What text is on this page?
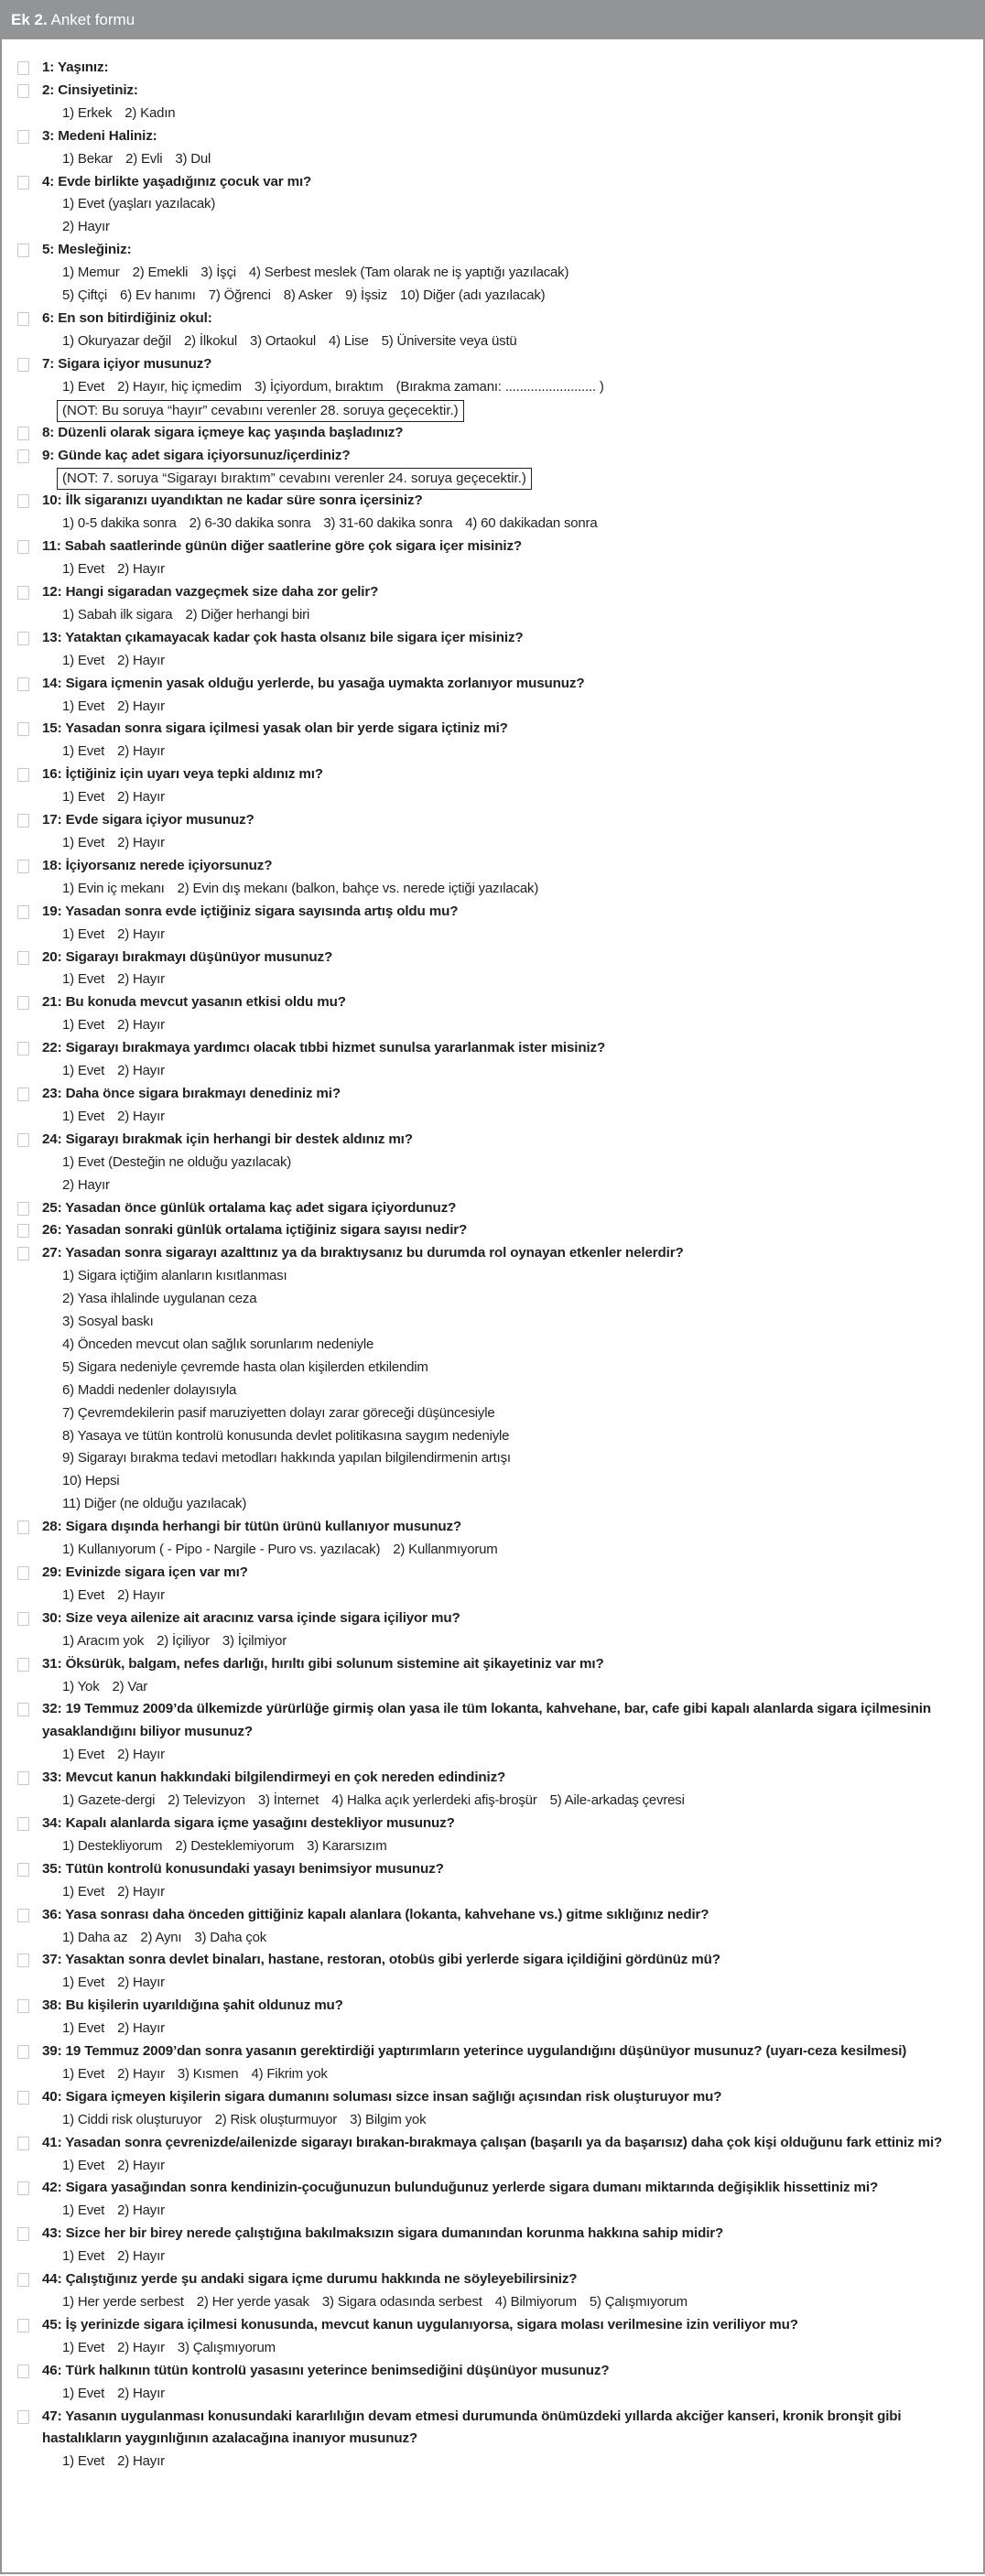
Ek 2. Anket formu
1: Yaşınız:
2: Cinsiyetiniz:
1) Erkek 2) Kadın
3: Medeni Haliniz:
1) Bekar 2) Evli 3) Dul
4: Evde birlikte yaşadığınız çocuk var mı?
1) Evet (yaşları yazılacak)
2) Hayır
5: Mesleğiniz:
1) Memur 2) Emekli 3) İşçi 4) Serbest meslek (Tam olarak ne iş yaptığı yazılacak)
5) Çiftçi 6) Ev hanımı 7) Öğrenci 8) Asker 9) İşsiz 10) Diğer (adı yazılacak)
6: En son bitirdiğiniz okul:
1) Okuryazar değil 2) İlkokul 3) Ortaokul 4) Lise 5) Üniversite veya üstü
7: Sigara içiyor musunuz?
1) Evet 2) Hayır, hiç içmedim 3) İçiyordum, bıraktım (Bırakma zamanı: ......................... )
(NOT: Bu soruya “hayır” cevabını verenler 28. soruya geçecektir.)
8: Düzenli olarak sigara içmeye kaç yaşında başladınız?
9: Günde kaç adet sigara içiyorsunuz/içerdiniz?
(NOT: 7. soruya “Sigarayı bıraktım” cevabını verenler 24. soruya geçecektir.)
10: İlk sigaranızı uyandıktan ne kadar süre sonra içersiniz?
1) 0-5 dakika sonra 2) 6-30 dakika sonra 3) 31-60 dakika sonra 4) 60 dakikadan sonra
11: Sabah saatlerinde günün diğer saatlerine göre çok sigara içer misiniz?
1) Evet 2) Hayır
12: Hangi sigaradan vazgeçmek size daha zor gelir?
1) Sabah ilk sigara 2) Diğer herhangi biri
13: Yataktan çıkamayacak kadar çok hasta olsanız bile sigara içer misiniz?
1) Evet 2) Hayır
14: Sigara içmenin yasak olduğu yerlerde, bu yasağa uymakta zorlanıyor musunuz?
1) Evet 2) Hayır
15: Yasadan sonra sigara içilmesi yasak olan bir yerde sigara içtiniz mi?
1) Evet 2) Hayır
16: İçtiğiniz için uyarı veya tepki aldınız mı?
1) Evet 2) Hayır
17: Evde sigara içiyor musunuz?
1) Evet 2) Hayır
18: İçiyorsanız nerede içiyorsunuz?
1) Evin iç mekanı 2) Evin dış mekanı (balkon, bahçe vs. nerede içtiği yazılacak)
19: Yasadan sonra evde içtiğiniz sigara sayısında artış oldu mu?
1) Evet 2) Hayır
20: Sigarayı bırakmayı düşünüyor musunuz?
1) Evet 2) Hayır
21: Bu konuda mevcut yasanın etkisi oldu mu?
1) Evet 2) Hayır
22: Sigarayı bırakmaya yardımcı olacak tıbbi hizmet sunulsa yararlanmak ister misiniz?
1) Evet 2) Hayır
23: Daha önce sigara bırakmayı denediniz mi?
1) Evet 2) Hayır
24: Sigarayı bırakmak için herhangi bir destek aldınız mı?
1) Evet (Desteğin ne olduğu yazılacak)
2) Hayır
25: Yasadan önce günlük ortalama kaç adet sigara içiyordunuz?
26: Yasadan sonraki günlük ortalama içtiğiniz sigara sayısı nedir?
27: Yasadan sonra sigarayı azalttınız ya da bıraktıysanız bu durumda rol oynayan etkenler nelerdir?
1) Sigara içtiğim alanların kısıtlanması
2) Yasa ihlalinde uygulanan ceza
3) Sosyal baskı
4) Önceden mevcut olan sağlık sorunlarım nedeniyle
5) Sigara nedeniyle çevremde hasta olan kişilerden etkilendim
6) Maddi nedenler dolayısıyla
7) Çevremdekilerin pasif maruziyetten dolayı zarar göreceği düşüncesiyle
8) Yasaya ve tütün kontrolü konusunda devlet politikasına saygım nedeniyle
9) Sigarayı bırakma tedavi metodları hakkında yapılan bilgilendirmenin artışı
10) Hepsi
11) Diğer (ne olduğu yazılacak)
28: Sigara dışında herhangi bir tütün ürünü kullanıyor musunuz?
1) Kullanıyorum ( - Pipo - Nargile - Puro vs. yazılacak) 2) Kullanmıyorum
29: Evinizde sigara içen var mı?
1) Evet 2) Hayır
30: Size veya ailenize ait aracınız varsa içinde sigara içiliyor mu?
1) Aracım yok 2) İçiliyor 3) İçilmiyor
31: Öksürük, balgam, nefes darlığı, hırıltı gibi solunum sistemine ait şikayetiniz var mı?
1) Yok 2) Var
32: 19 Temmuz 2009’da ülkemizde yürürlüğe girmiş olan yasa ile tüm lokanta, kahvehane, bar, cafe gibi kapalı alanlarda sigara içilmesinin yasaklandığını biliyor musunuz?
1) Evet 2) Hayır
33: Mevcut kanun hakkındaki bilgilendirmeyi en çok nereden edindiniz?
1) Gazete-dergi 2) Televizyon 3) İnternet 4) Halka açık yerlerdeki afiş-broşür 5) Aile-arkadaş çevresi
34: Kapalı alanlarda sigara içme yasağını destekliyor musunuz?
1) Destekliyorum 2) Desteklemiyorum 3) Kararsızım
35: Tütün kontrolü konusundaki yasayı benimsiyor musunuz?
1) Evet 2) Hayır
36: Yasa sonrası daha önceden gittiğiniz kapalı alanlara (lokanta, kahvehane vs.) gitme sıklığınız nedir?
1) Daha az 2) Aynı 3) Daha çok
37: Yasaktan sonra devlet binaları, hastane, restoran, otobüs gibi yerlerde sigara içildiğini gördünüz mü?
1) Evet 2) Hayır
38: Bu kişilerin uyarıldığına şahit oldunuz mu?
1) Evet 2) Hayır
39: 19 Temmuz 2009’dan sonra yasanın gerektirdiği yaptırımların yeterince uygulandığını düşünüyor musunuz? (uyarı-ceza kesilmesi)
1) Evet 2) Hayır 3) Kısmen 4) Fikrim yok
40: Sigara içmeyen kişilerin sigara dumanını soluması sizce insan sağlığı açısından risk oluşturuyor mu?
1) Ciddi risk oluşturuyor 2) Risk oluşturmuyor 3) Bilgim yok
41: Yasadan sonra çevrenizde/ailenizde sigarayı bırakan-bırakmaya çalışan (başarılı ya da başarısız) daha çok kişi olduğunu fark ettiniz mi?
1) Evet 2) Hayır
42: Sigara yasağından sonra kendinizin-çocuğunuzun bulunduğunuz yerlerde sigara dumanı miktarında değişiklik hissettiniz mi?
1) Evet 2) Hayır
43: Sizce her bir birey nerede çalıştığına bakılmaksızın sigara dumanından korunma hakkına sahip midir?
1) Evet 2) Hayır
44: Çalıştığınız yerde şu andaki sigara içme durumu hakkında ne söyleyebilirsiniz?
1) Her yerde serbest 2) Her yerde yasak 3) Sigara odasında serbest 4) Bilmiyorum 5) Çalışmıyorum
45: İş yerinizde sigara içilmesi konusunda, mevcut kanun uygulanıyorsa, sigara molası verilmesine izin veriliyor mu?
1) Evet 2) Hayır 3) Çalışmıyorum
46: Türk halkının tütün kontrolü yasasını yeterince benimsediğini düşünüyor musunuz?
1) Evet 2) Hayır
47: Yasanın uygulanması konusundaki kararlılığın devam etmesi durumunda önümüzdeki yıllarda akciğer kanseri, kronik bronşit gibi hastalıkların yaygınlığının azalacağına inanıyor musunuz?
1) Evet 2) Hayır
